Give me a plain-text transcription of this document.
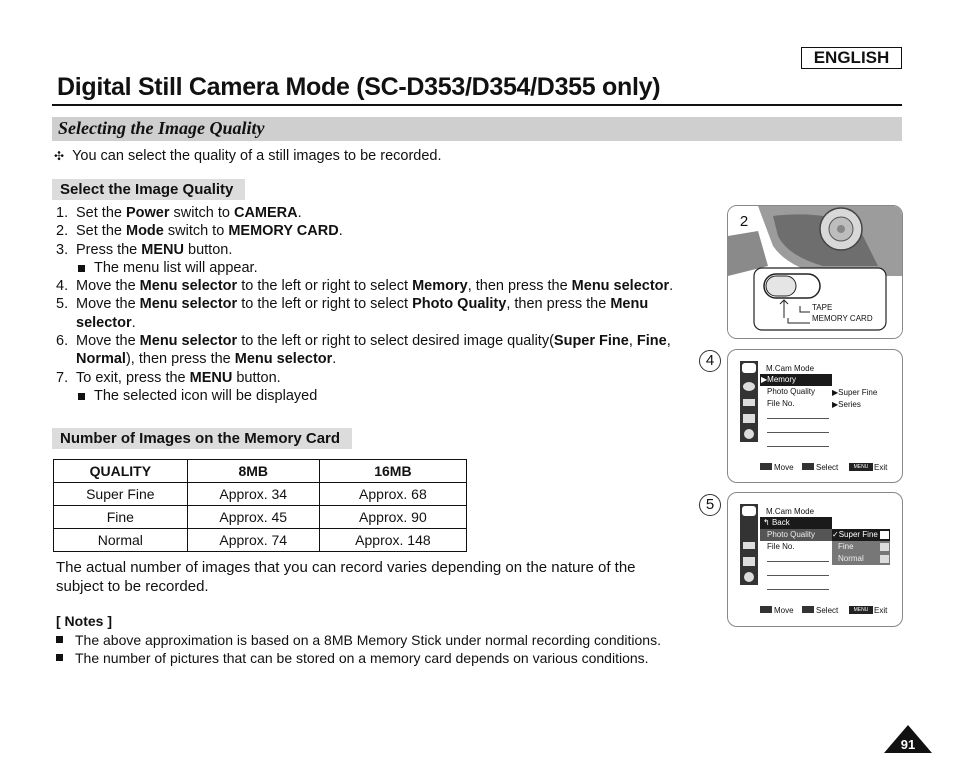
ENGLISH
Digital Still Camera Mode (SC-D353/D354/D355 only)
Selecting the Image Quality
✣ You can select the quality of a still images to be recorded.
Select the Image Quality
1. Set the Power switch to CAMERA.
2. Set the Mode switch to MEMORY CARD.
3. Press the MENU button.
The menu list will appear.
4. Move the Menu selector to the left or right to select Memory, then press the Menu selector.
5. Move the Menu selector to the left or right to select Photo Quality, then press the Menu selector.
6. Move the Menu selector to the left or right to select desired image quality(Super Fine, Fine, Normal), then press the Menu selector.
7. To exit, press the MENU button.
The selected icon will be displayed
Number of Images on the Memory Card
QUALITY	8MB	16MB
Super Fine	Approx. 34	Approx. 68
Fine	Approx. 45	Approx. 90
Normal	Approx. 74	Approx. 148
The actual number of images that you can record varies depending on the nature of the subject to be recorded.
[ Notes ]
The above approximation is based on a 8MB Memory Stick under normal recording conditions.
The number of pictures that can be stored on a memory card depends on various conditions.
91
2
TAPE
MEMORY CARD
4	M.Cam Mode
▶Memory
Photo Quality
File No.
▶Super Fine
▶Series
Move	Select	MENU Exit
5	M.Cam Mode
↰ Back
Photo Quality
File No.
✓Super Fine
Fine
Normal
Move	Select	MENU Exit
